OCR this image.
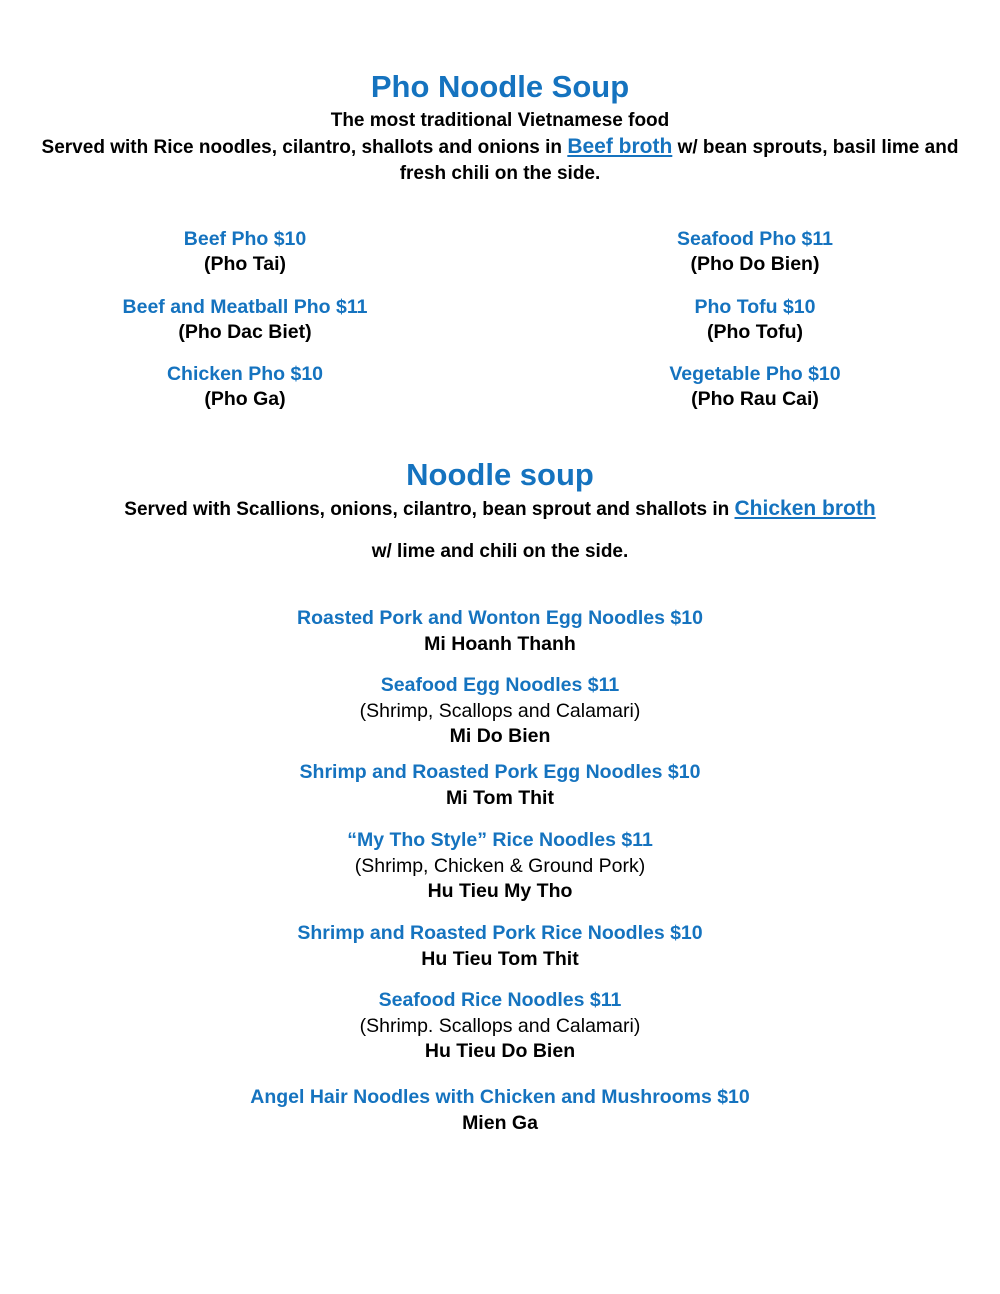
Pho Noodle Soup
The most traditional Vietnamese food
Served with Rice noodles, cilantro, shallots and onions in Beef broth w/ bean sprouts, basil lime and fresh chili on the side.
Beef Pho $10
(Pho Tai)
Beef and Meatball Pho $11
(Pho Dac Biet)
Chicken Pho $10
(Pho Ga)
Seafood Pho $11
(Pho Do Bien)
Pho Tofu $10
(Pho Tofu)
Vegetable Pho $10
(Pho Rau Cai)
Noodle soup
Served with Scallions, onions, cilantro, bean sprout and shallots in Chicken broth
w/ lime and chili on the side.
Roasted Pork and Wonton Egg Noodles $10
Mi Hoanh Thanh
Seafood Egg Noodles $11
(Shrimp, Scallops and Calamari)
Mi Do Bien
Shrimp and Roasted Pork Egg Noodles $10
Mi Tom Thit
“My Tho Style” Rice Noodles $11
(Shrimp, Chicken & Ground Pork)
Hu Tieu My Tho
Shrimp and Roasted Pork Rice Noodles $10
Hu Tieu Tom Thit
Seafood Rice Noodles $11
(Shrimp. Scallops and Calamari)
Hu Tieu Do Bien
Angel Hair Noodles with Chicken and Mushrooms $10
Mien Ga
